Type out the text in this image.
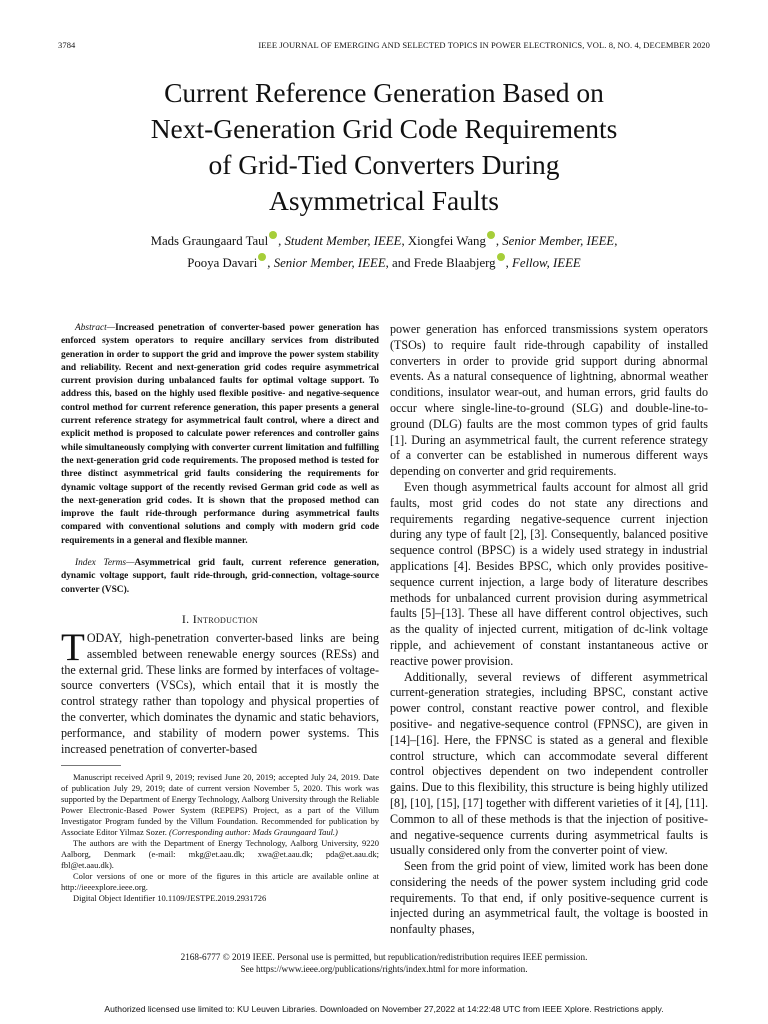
3784	IEEE JOURNAL OF EMERGING AND SELECTED TOPICS IN POWER ELECTRONICS, VOL. 8, NO. 4, DECEMBER 2020
Current Reference Generation Based on
Next-Generation Grid Code Requirements
of Grid-Tied Converters During
Asymmetrical Faults
Mads Graungaard Taul , Student Member, IEEE, Xiongfei Wang , Senior Member, IEEE,
Pooya Davari , Senior Member, IEEE, and Frede Blaabjerg , Fellow, IEEE

Abstract—Increased penetration of converter-based power generation has enforced system operators to require ancillary services from distributed generation in order to support the grid and improve the power system stability and reliability. Recent and next-generation grid codes require asymmetrical current provision during unbalanced faults for optimal voltage support. To address this, based on the highly used flexible positive- and negative-sequence control method for current reference generation, this paper presents a general current reference strategy for asymmetrical fault control, where a direct and explicit method is proposed to calculate power references and controller gains while simultaneously complying with converter current limitation and fulfilling the next-generation grid code requirements. The proposed method is tested for three distinct asymmetrical grid faults considering the requirements for dynamic voltage support of the recently revised German grid code as well as the next-generation grid codes. It is shown that the proposed method can improve the fault ride-through performance during asymmetrical faults compared with conventional solutions and comply with modern grid code requirements in a general and flexible manner.

Index Terms—Asymmetrical grid fault, current reference generation, dynamic voltage support, fault ride-through, grid-connection, voltage-source converter (VSC).

I. Introduction

TODAY, high-penetration converter-based links are being assembled between renewable energy sources (RESs) and the external grid. These links are formed by interfaces of voltage-source converters (VSCs), which entail that it is mostly the control strategy rather than topology and physical properties of the converter, which dominates the dynamic and static behaviors, performance, and stability of modern power systems. This increased penetration of converter-based

Manuscript received April 9, 2019; revised June 20, 2019; accepted July 24, 2019. Date of publication July 29, 2019; date of current version November 5, 2020. This work was supported by the Department of Energy Technology, Aalborg University through the Reliable Power Electronic-Based Power System (REPEPS) Project, as a part of the Villum Investigator Program funded by the Villum Foundation. Recommended for publication by Associate Editor Yilmaz Sozer. (Corresponding author: Mads Graungaard Taul.)

The authors are with the Department of Energy Technology, Aalborg University, 9220 Aalborg, Denmark (e-mail: mkg@et.aau.dk; xwa@et.aau.dk; pda@et.aau.dk; fbl@et.aau.dk).

Color versions of one or more of the figures in this article are available online at http://ieeexplore.ieee.org.

Digital Object Identifier 10.1109/JESTPE.2019.2931726

power generation has enforced transmissions system operators (TSOs) to require fault ride-through capability of installed converters in order to provide grid support during abnormal events. As a natural consequence of lightning, abnormal weather conditions, insulator wear-out, and human errors, grid faults do occur where single-line-to-ground (SLG) and double-line-to-ground (DLG) faults are the most common types of grid faults [1]. During an asymmetrical fault, the current reference strategy of a converter can be established in numerous different ways depending on converter and grid requirements.

Even though asymmetrical faults account for almost all grid faults, most grid codes do not state any directions and requirements regarding negative-sequence current injection during any type of fault [2], [3]. Consequently, balanced positive sequence control (BPSC) is a widely used strategy in industrial applications [4]. Besides BPSC, which only provides positive-sequence current injection, a large body of literature describes methods for unbalanced current provision during asymmetrical faults [5]–[13]. These all have different control objectives, such as the quality of injected current, mitigation of dc-link voltage ripple, and achievement of constant instantaneous active or reactive power provision.

Additionally, several reviews of different asymmetrical current-generation strategies, including BPSC, constant active power control, constant reactive power control, and flexible positive- and negative-sequence control (FPNSC), are given in [14]–[16]. Here, the FPNSC is stated as a general and flexible control structure, which can accommodate several different control objectives dependent on two independent controller gains. Due to this flexibility, this structure is being highly utilized [8], [10], [15], [17] together with different varieties of it [4], [11]. Common to all of these methods is that the injection of positive- and negative-sequence currents during asymmetrical faults is usually considered only from the converter point of view.

Seen from the grid point of view, limited work has been done considering the needs of the power system including grid code requirements. To that end, if only positive-sequence current is injected during an asymmetrical fault, the voltage is boosted in nonfaulty phases,

2168-6777 © 2019 IEEE. Personal use is permitted, but republication/redistribution requires IEEE permission.
See https://www.ieee.org/publications/rights/index.html for more information.
Authorized licensed use limited to: KU Leuven Libraries. Downloaded on November 27,2022 at 14:22:48 UTC from IEEE Xplore. Restrictions apply.
